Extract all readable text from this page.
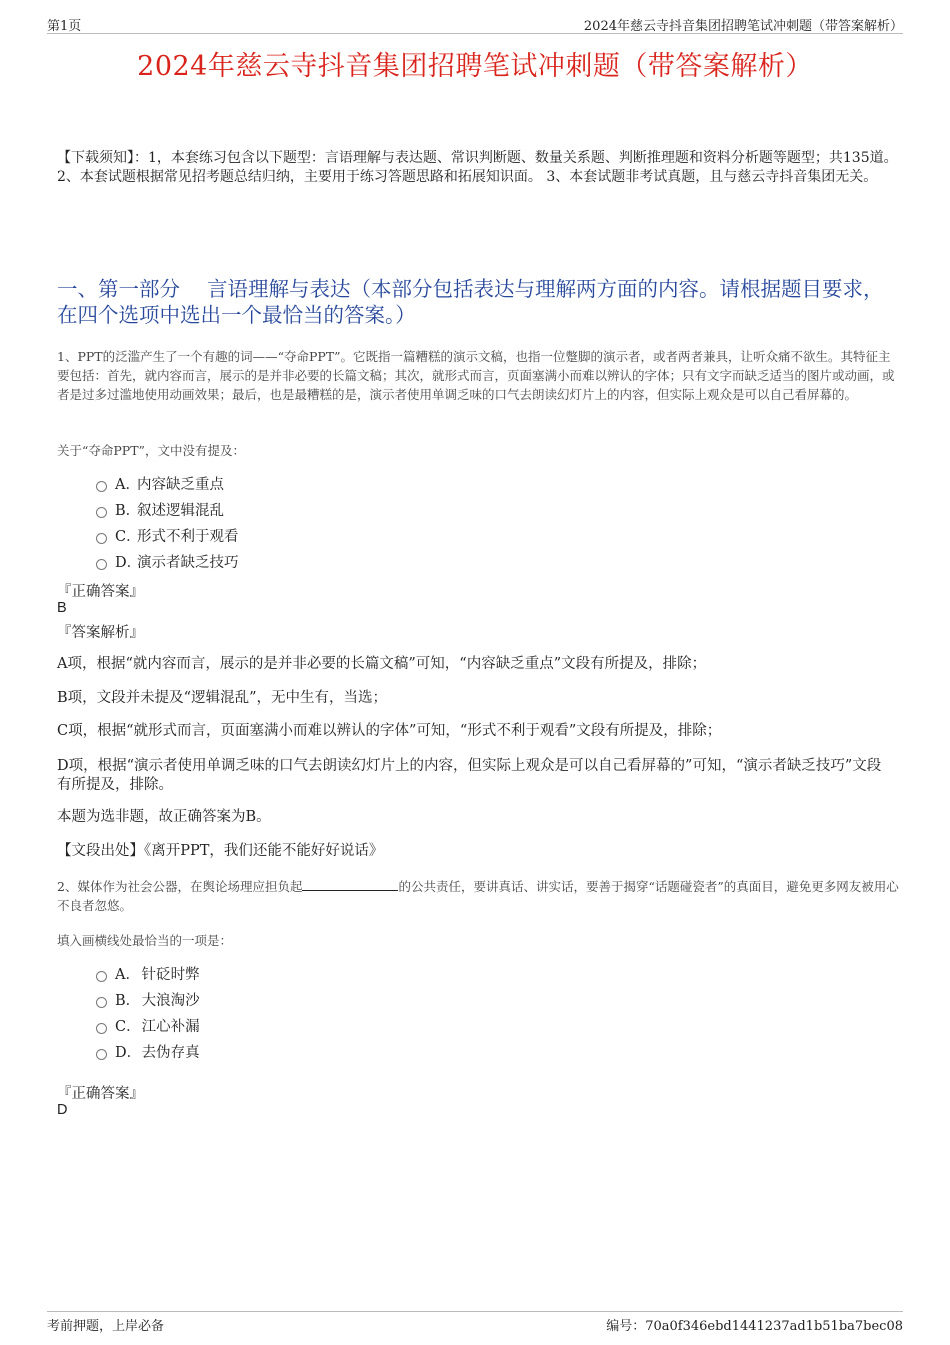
第1页	2024年慈云寺抖音集团招聘笔试冲刺题（带答案解析）
2024年慈云寺抖音集团招聘笔试冲刺题（带答案解析）
【下载须知】：1，本套练习包含以下题型：言语理解与表达题、常识判断题、数量关系题、判断推理题和资料分析题等题型；共135道。 2、本套试题根据常见招考题总结归纳，主要用于练习答题思路和拓展知识面。 3、本套试题非考试真题，且与慈云寺抖音集团无关。
一、第一部分　 言语理解与表达（本部分包括表达与理解两方面的内容。请根据题目要求，在四个选项中选出一个最恰当的答案。）
1、PPT的泛滥产生了一个有趣的词——“夺命PPT”。它既指一篇糟糕的演示文稿，也指一位蹩脚的演示者，或者两者兼具，让听众痛不欲生。其特征主要包括：首先，就内容而言，展示的是并非必要的长篇文稿；其次，就形式而言，页面塞满小而难以辨认的字体；只有文字而缺乏适当的图片或动画，或者是过多过滥地使用动画效果；最后，也是最糟糕的是，演示者使用单调乏味的口气去朗读幻灯片上的内容，但实际上观众是可以自己看屏幕的。
关于“夺命PPT”，文中没有提及：
A．内容缺乏重点
B．叙述逻辑混乱
C．形式不利于观看
D．演示者缺乏技巧
『正确答案』
B
『答案解析』
A项，根据“就内容而言，展示的是并非必要的长篇文稿”可知，“内容缺乏重点”文段有所提及，排除；
B项，文段并未提及“逻辑混乱”，无中生有，当选；
C项，根据“就形式而言，页面塞满小而难以辨认的字体”可知，“形式不利于观看”文段有所提及，排除；
D项，根据“演示者使用单调乏味的口气去朗读幻灯片上的内容，但实际上观众是可以自己看屏幕的”可知，“演示者缺乏技巧”文段有所提及，排除。
本题为选非题，故正确答案为B。
【文段出处】《离开PPT，我们还能不能好好说话》
2、媒体作为社会公器，在舆论场理应担负起	的公共责任，要讲真话、讲实话，要善于揭穿“话题碰瓷者”的真面目，避免更多网友被用心不良者忽悠。
填入画横线处最恰当的一项是：
A． 针砭时弊
B． 大浪淘沙
C． 江心补漏
D． 去伪存真
『正确答案』
D
考前押题，上岸必备	编号：70a0f346ebd1441237ad1b51ba7bec08
